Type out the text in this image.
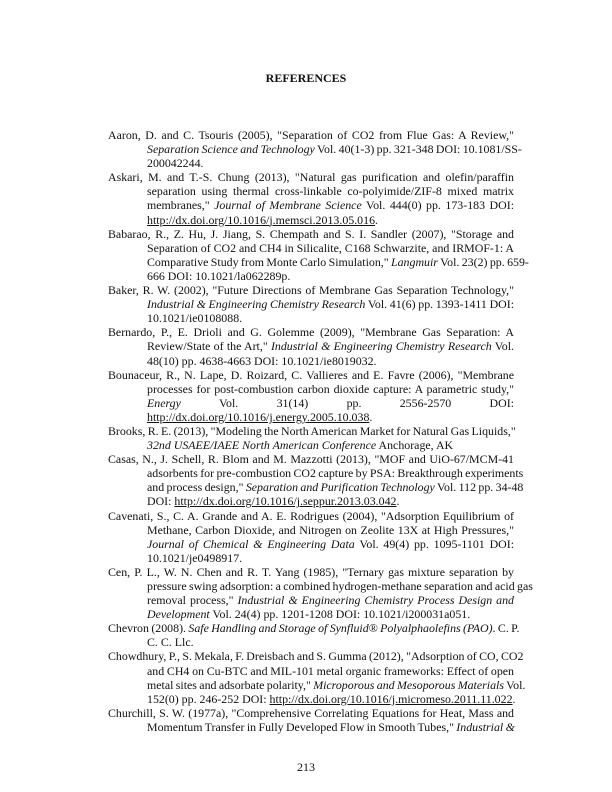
REFERENCES
Aaron, D. and C. Tsouris (2005), "Separation of CO2 from Flue Gas: A Review,"
Separation Science and Technology Vol. 40(1-3) pp. 321-348 DOI: 10.1081/SS-
200042244.
Askari, M. and T.-S. Chung (2013), "Natural gas purification and olefin/paraffin
separation using thermal cross-linkable co-polyimide/ZIF-8 mixed matrix
membranes," Journal of Membrane Science Vol. 444(0) pp. 173-183 DOI:
http://dx.doi.org/10.1016/j.memsci.2013.05.016.
Babarao, R., Z. Hu, J. Jiang, S. Chempath and S. I. Sandler (2007), "Storage and
Separation of CO2 and CH4 in Silicalite, C168 Schwarzite, and IRMOF-1: A
Comparative Study from Monte Carlo Simulation," Langmuir Vol. 23(2) pp. 659-
666 DOI: 10.1021/la062289p.
Baker, R. W. (2002), "Future Directions of Membrane Gas Separation Technology,"
Industrial & Engineering Chemistry Research Vol. 41(6) pp. 1393-1411 DOI:
10.1021/ie0108088.
Bernardo, P., E. Drioli and G. Golemme (2009), "Membrane Gas Separation: A
Review/State of the Art," Industrial & Engineering Chemistry Research Vol.
48(10) pp. 4638-4663 DOI: 10.1021/ie8019032.
Bounaceur, R., N. Lape, D. Roizard, C. Vallieres and E. Favre (2006), "Membrane
processes for post-combustion carbon dioxide capture: A parametric study,"
Energy Vol. 31(14) pp. 2556-2570 DOI:
http://dx.doi.org/10.1016/j.energy.2005.10.038.
Brooks, R. E. (2013), "Modeling the North American Market for Natural Gas Liquids,"
32nd USAEE/IAEE North American Conference Anchorage, AK
Casas, N., J. Schell, R. Blom and M. Mazzotti (2013), "MOF and UiO-67/MCM-41
adsorbents for pre-combustion CO2 capture by PSA: Breakthrough experiments
and process design," Separation and Purification Technology Vol. 112 pp. 34-48
DOI: http://dx.doi.org/10.1016/j.seppur.2013.03.042.
Cavenati, S., C. A. Grande and A. E. Rodrigues (2004), "Adsorption Equilibrium of
Methane, Carbon Dioxide, and Nitrogen on Zeolite 13X at High Pressures,"
Journal of Chemical & Engineering Data Vol. 49(4) pp. 1095-1101 DOI:
10.1021/je0498917.
Cen, P. L., W. N. Chen and R. T. Yang (1985), "Ternary gas mixture separation by
pressure swing adsorption: a combined hydrogen-methane separation and acid gas
removal process," Industrial & Engineering Chemistry Process Design and
Development Vol. 24(4) pp. 1201-1208 DOI: 10.1021/i200031a051.
Chevron (2008). Safe Handling and Storage of Synfluid® Polyalphaolefins (PAO). C. P.
C. C. Llc.
Chowdhury, P., S. Mekala, F. Dreisbach and S. Gumma (2012), "Adsorption of CO, CO2
and CH4 on Cu-BTC and MIL-101 metal organic frameworks: Effect of open
metal sites and adsorbate polarity," Microporous and Mesoporous Materials Vol.
152(0) pp. 246-252 DOI: http://dx.doi.org/10.1016/j.micromeso.2011.11.022.
Churchill, S. W. (1977a), "Comprehensive Correlating Equations for Heat, Mass and
Momentum Transfer in Fully Developed Flow in Smooth Tubes," Industrial &
213
